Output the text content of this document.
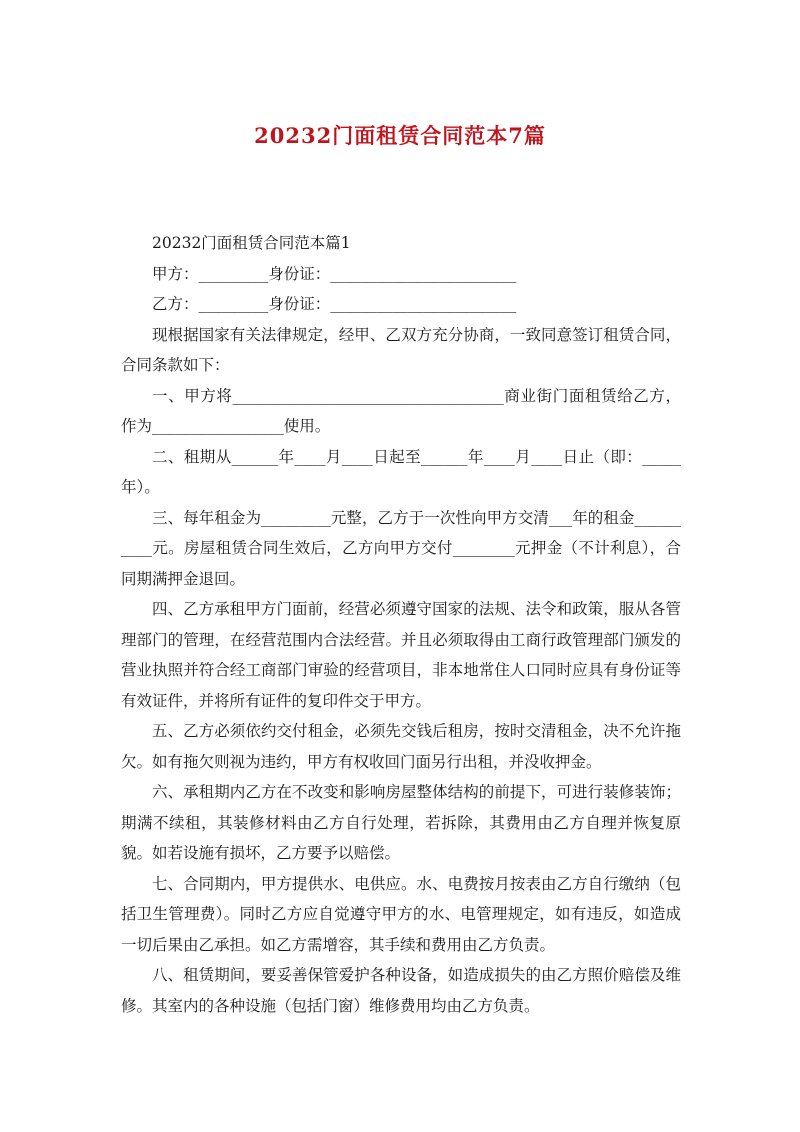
20232门面租赁合同范本7篇

20232门面租赁合同范本篇1

甲方：_________身份证：________________________

乙方：_________身份证：________________________

现根据国家有关法律规定，经甲、乙双方充分协商，一致同意签订租赁合同，合同条款如下：

一、甲方将___________________________________商业街门面租赁给乙方，作为_________________使用。

二、租期从______年____月____日起至______年____月____日止（即：_____年）。

三、每年租金为_________元整，乙方于一次性向甲方交清___年的租金__________元。房屋租赁合同生效后，乙方向甲方交付________元押金（不计利息），合同期满押金退回。

四、乙方承租甲方门面前，经营必须遵守国家的法规、法令和政策，服从各管理部门的管理，在经营范围内合法经营。并且必须取得由工商行政管理部门颁发的营业执照并符合经工商部门审验的经营项目，非本地常住人口同时应具有身份证等有效证件，并将所有证件的复印件交于甲方。

五、乙方必须依约交付租金，必须先交钱后租房，按时交清租金，决不允许拖欠。如有拖欠则视为违约，甲方有权收回门面另行出租，并没收押金。

六、承租期内乙方在不改变和影响房屋整体结构的前提下，可进行装修装饰；期满不续租，其装修材料由乙方自行处理，若拆除，其费用由乙方自理并恢复原貌。如若设施有损坏，乙方要予以赔偿。

七、合同期内，甲方提供水、电供应。水、电费按月按表由乙方自行缴纳（包括卫生管理费）。同时乙方应自觉遵守甲方的水、电管理规定，如有违反，如造成一切后果由乙承担。如乙方需增容，其手续和费用由乙方负责。

八、租赁期间，要妥善保管爱护各种设备，如造成损失的由乙方照价赔偿及维修。其室内的各种设施（包括门窗）维修费用均由乙方负责。
